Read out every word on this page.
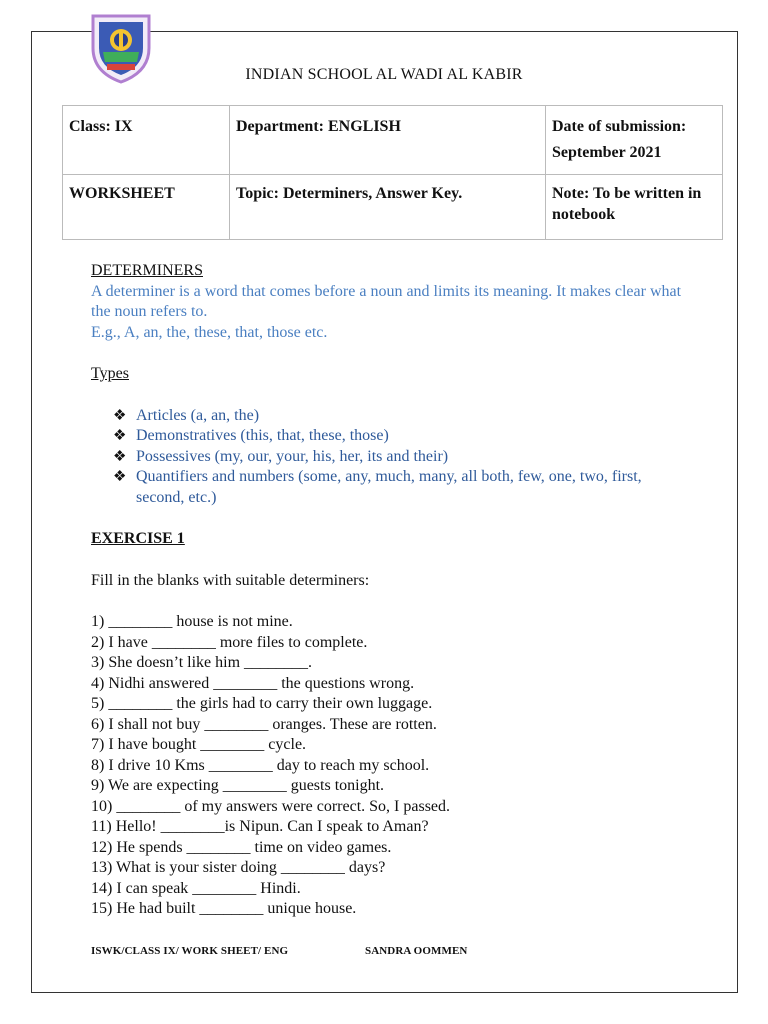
INDIAN SCHOOL AL WADI AL KABIR
Class: IX	Department: ENGLISH	Date of submission:
September 2021

WORKSHEET	Topic: Determiners, Answer Key.	Note: To be written in notebook
DETERMINERS
A determiner is a word that comes before a noun and limits its meaning. It makes clear what the noun refers to.
E.g., A, an, the, these, that, those etc.
Types
❖ Articles (a, an, the)
❖ Demonstratives (this, that, these, those)
❖ Possessives (my, our, your, his, her, its and their)
❖ Quantifiers and numbers (some, any, much, many, all both, few, one, two, first, second, etc.)
EXERCISE 1
Fill in the blanks with suitable determiners:
1) ________ house is not mine.
2) I have ________ more files to complete.
3) She doesn’t like him ________.
4) Nidhi answered ________ the questions wrong.
5) ________ the girls had to carry their own luggage.
6) I shall not buy ________ oranges. These are rotten.
7) I have bought ________ cycle.
8) I drive 10 Kms ________ day to reach my school.
9) We are expecting ________ guests tonight.
10) ________ of my answers were correct. So, I passed.
11) Hello! ________is Nipun. Can I speak to Aman?
12) He spends ________ time on video games.
13) What is your sister doing ________ days?
14) I can speak ________ Hindi.
15) He had built ________ unique house.
ISWK/CLASS IX/ WORK SHEET/ ENG	SANDRA OOMMEN
